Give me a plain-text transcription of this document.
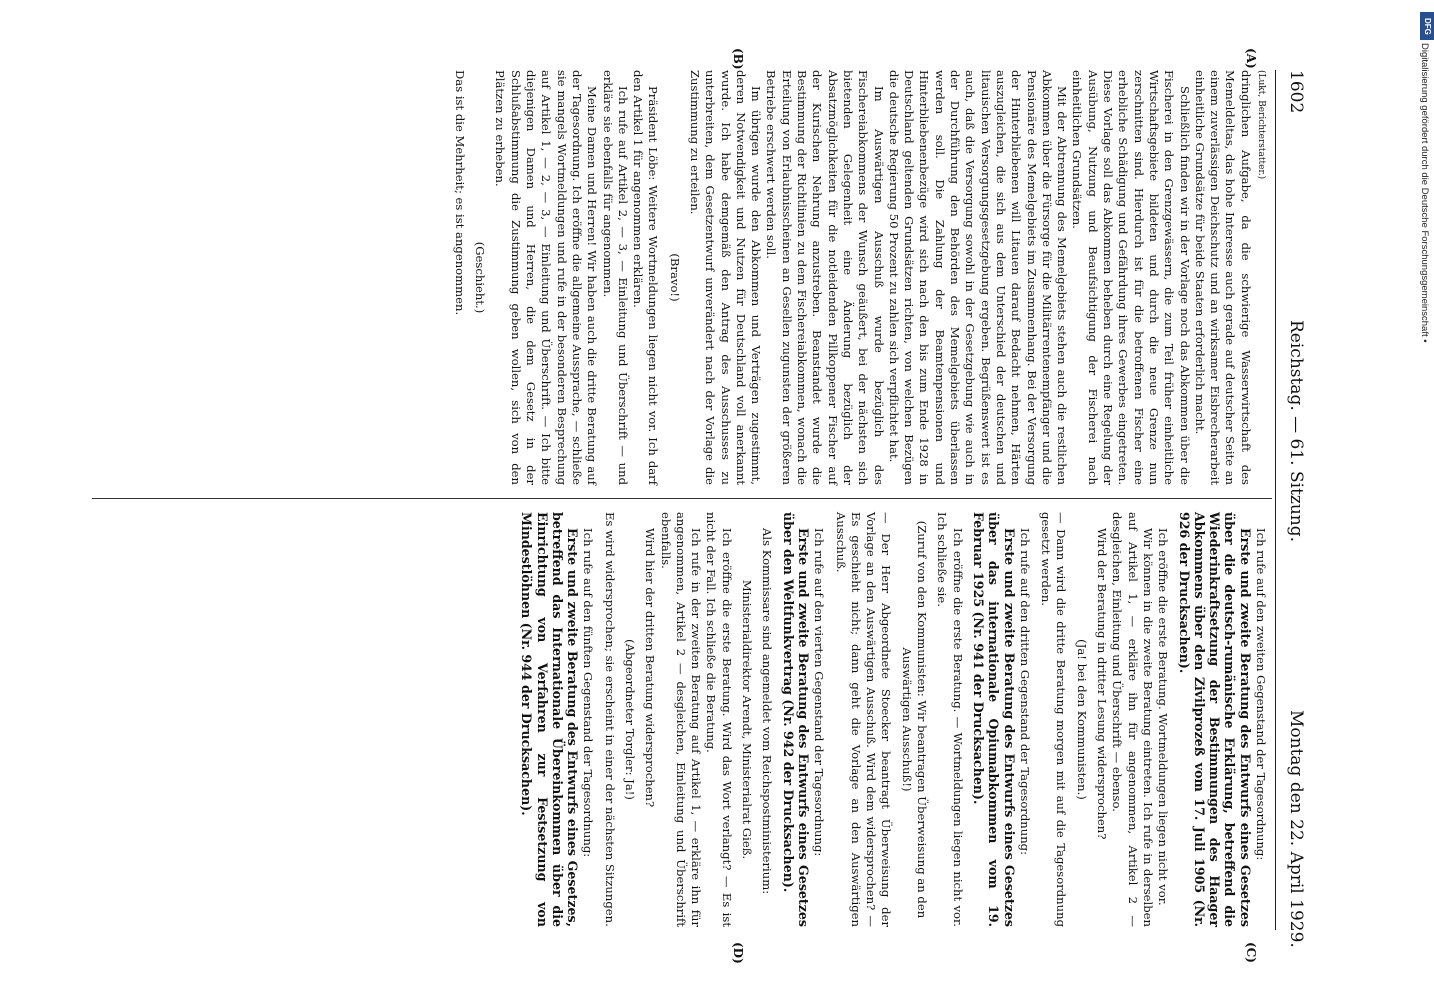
1602
Reichstag. — 61. Sitzung.
Montag den 22. April 1929.
(A)
(B)
(C)
(D)

(Lukt, Berichterstatter.)

dringlichen Aufgabe, da die schwierige Wasserwirtschaft des Memeldeltas, das hohe Interesse auch gerade auf deutscher Seite an einem zuverlässigen Deichschutz und an wirksamer Eisbrecherarbeit einheitliche Grundsätze für beide Staaten erforderlich macht.

Schließlich finden wir in der Vorlage noch das Abkommen über die Fischerei in den Grenzgewässern, die zum Teil früher einheitliche Wirtschaftsgebiete bildeten und durch die neue Grenze nun zerschnitten sind. Hierdurch ist für die betroffenen Fischer eine erhebliche Schädigung und Gefährdung ihres Gewerbes eingetreten. Diese Vorlage soll das Abkommen beheben durch eine Regelung der Ausübung, Nutzung und Beaufsichtigung der Fischerei nach einheitlichen Grundsätzen.

Mit der Abtrennung des Memelgebiets stehen auch die restlichen Abkommen über die Fürsorge für die Militärrentenempfänger und die Pensionäre des Memelgebiets im Zusammenhang. Bei der Versorgung der Hinterbliebenen will Litauen darauf Bedacht nehmen, Härten auszugleichen, die sich aus dem Unterschied der deutschen und litauischen Versorgungsgesetzgebung ergeben. Begrüßenswert ist es auch, daß die Versorgung sowohl in der Gesetzgebung wie auch in der Durchführung den Behörden des Memelgebiets überlassen werden soll. Die Zahlung der Beamtenpensionen und Hinterbliebenenbezüge wird sich nach den bis zum Ende 1928 in Deutschland geltenden Grundsätzen richten, von welchen Bezügen die deutsche Regierung 50 Prozent zu zahlen sich verpflichtet hat.

Im Auswärtigen Ausschuß wurde bezüglich des Fischereiabkommens der Wunsch geäußert, bei der nächsten sich bietenden Gelegenheit eine Änderung bezüglich der Absatzmöglichkeiten für die notleidenden Pillkoppener Fischer auf der Kurischen Nehrung anzustreben. Beanstandet wurde die Bestimmung der Richtlinien zu dem Fischereiabkommen, wonach die Erteilung von Erlaubnisscheinen an Gesellen zugunsten der größeren Betriebe erschwert werden soll.

Im übrigen wurde den Abkommen und Verträgen zugestimmt, deren Notwendigkeit und Nutzen für Deutschland voll anerkannt wurde. Ich habe demgemäß den Antrag des Ausschusses zu unterbreiten, dem Gesetzentwurf unverändert nach der Vorlage die Zustimmung zu erteilen.

(Bravo!)

Präsident Löbe: Weitere Wortmeldungen liegen nicht vor. Ich darf den Artikel 1 für angenommen erklären.

Ich rufe auf Artikel 2, — 3, — Einleitung und Überschrift — und erkläre sie ebenfalls für angenommen.

Meine Damen und Herren! Wir haben auch die dritte Beratung auf der Tagesordnung. Ich eröffne die allgemeine Aussprache, — schließe sie mangels Wortmeldungen und rufe in der besonderen Besprechung auf Artikel 1, — 2, — 3, — Einleitung und Überschrift. — Ich bitte diejenigen Damen und Herren, die dem Gesetz in der Schlußabstimmung die Zustimmung geben wollen, sich von den Plätzen zu erheben.

(Geschieht.)

Das ist die Mehrheit; es ist angenommen.

Ich rufe auf den zweiten Gegenstand der Tagesordnung:

Erste und zweite Beratung des Entwurfs eines Gesetzes über die deutsch-rumänische Erklärung, betreffend die Wiederinkraftsetzung der Bestimmungen des Haager Abkommens über den Zivilprozeß vom 17. Juli 1905 (Nr. 926 der Drucksachen).

Ich eröffne die erste Beratung. Wortmeldungen liegen nicht vor.

Wir können in die zweite Beratung eintreten. Ich rufe in derselben auf Artikel 1, — erkläre ihn für angenommen, Artikel 2 — desgleichen, Einleitung und Überschrift — ebenso.

Wird der Beratung in dritter Lesung widersprochen?

(Ja! bei den Kommunisten.)

— Dann wird die dritte Beratung morgen mit auf die Tagesordnung gesetzt werden.

Ich rufe auf den dritten Gegenstand der Tagesordnung:

Erste und zweite Beratung des Entwurfs eines Gesetzes über das internationale Opiumabkommen vom 19. Februar 1925 (Nr. 941 der Drucksachen).

Ich eröffne die erste Beratung. — Wortmeldungen liegen nicht vor. Ich schließe sie.

(Zuruf von den Kommunisten: Wir beantragen Überweisung an den Auswärtigen Ausschuß!)

— Der Herr Abgeordnete Stoecker beantragt Überweisung der Vorlage an den Auswärtigen Ausschuß. Wird dem widersprochen? — Es geschieht nicht; dann geht die Vorlage an den Auswärtigen Ausschuß.

Ich rufe auf den vierten Gegenstand der Tagesordnung:

Erste und zweite Beratung des Entwurfs eines Gesetzes über den Weltfunkvertrag (Nr. 942 der Drucksachen).

Als Kommissare sind angemeldet vom Reichspostministerium:

Ministerialdirektor Arendt, Ministerialrat Gieß.

Ich eröffne die erste Beratung. Wird das Wort verlangt? — Es ist nicht der Fall. Ich schließe die Beratung.

Ich rufe in der zweiten Beratung auf Artikel 1, — erkläre ihn für angenommen, Artikel 2 — desgleichen, Einleitung und Überschrift ebenfalls.

Wird hier der dritten Beratung widersprochen?

(Abgeordneter Torgler: Ja!)

Es wird widersprochen; sie erscheint in einer der nächsten Sitzungen.

Ich rufe auf den fünften Gegenstand der Tagesordnung:

Erste und zweite Beratung des Entwurfs eines Gesetzes, betreffend das Internationale Übereinkommen über die Einrichtung von Verfahren zur Festsetzung von Mindestlöhnen (Nr. 944 der Drucksachen).

DFG
Digitalisierung gefördert durch die Deutsche Forschungsgemeinschaft •
